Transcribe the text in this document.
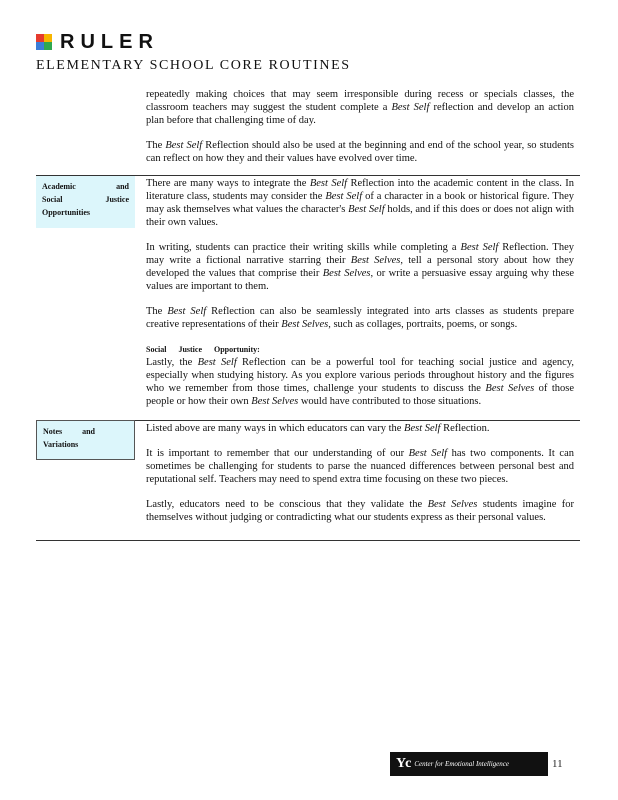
RULER
ELEMENTARY SCHOOL CORE ROUTINES

repeatedly making choices that may seem irresponsible during recess or specials classes, the classroom teachers may suggest the student complete a Best Self reflection and develop an action plan before that challenging time of day.

The Best Self Reflection should also be used at the beginning and end of the school year, so students can reflect on how they and their values have evolved over time.

Academic	and
Social	Justice
Opportunities

There are many ways to integrate the Best Self Reflection into the academic content in the class. In literature class, students may consider the Best Self of a character in a book or historical figure. They may ask themselves what values the character's Best Self holds, and if this does or does not align with their own values.

In writing, students can practice their writing skills while completing a Best Self Reflection. They may write a fictional narrative starring their Best Selves, tell a personal story about how they developed the values that comprise their Best Selves, or write a persuasive essay arguing why these values are important to them.

The Best Self Reflection can also be seamlessly integrated into arts classes as students prepare creative representations of their Best Selves, such as collages, portraits, poems, or songs.

Social Justice Opportunity:

Lastly, the Best Self Reflection can be a powerful tool for teaching social justice and agency, especially when studying history. As you explore various periods throughout history and the figures who we remember from those times, challenge your students to discuss the Best Selves of those people or how their own Best Selves would have contributed to those situations.

Notes and
Variations

Listed above are many ways in which educators can vary the Best Self Reflection.

It is important to remember that our understanding of our Best Self has two components. It can sometimes be challenging for students to parse the nuanced differences between personal best and reputational self. Teachers may need to spend extra time focusing on these two pieces.

Lastly, educators need to be conscious that they validate the Best Selves students imagine for themselves without judging or contradicting what our students express as their personal values.

Yc Center for Emotional Intelligence	11
